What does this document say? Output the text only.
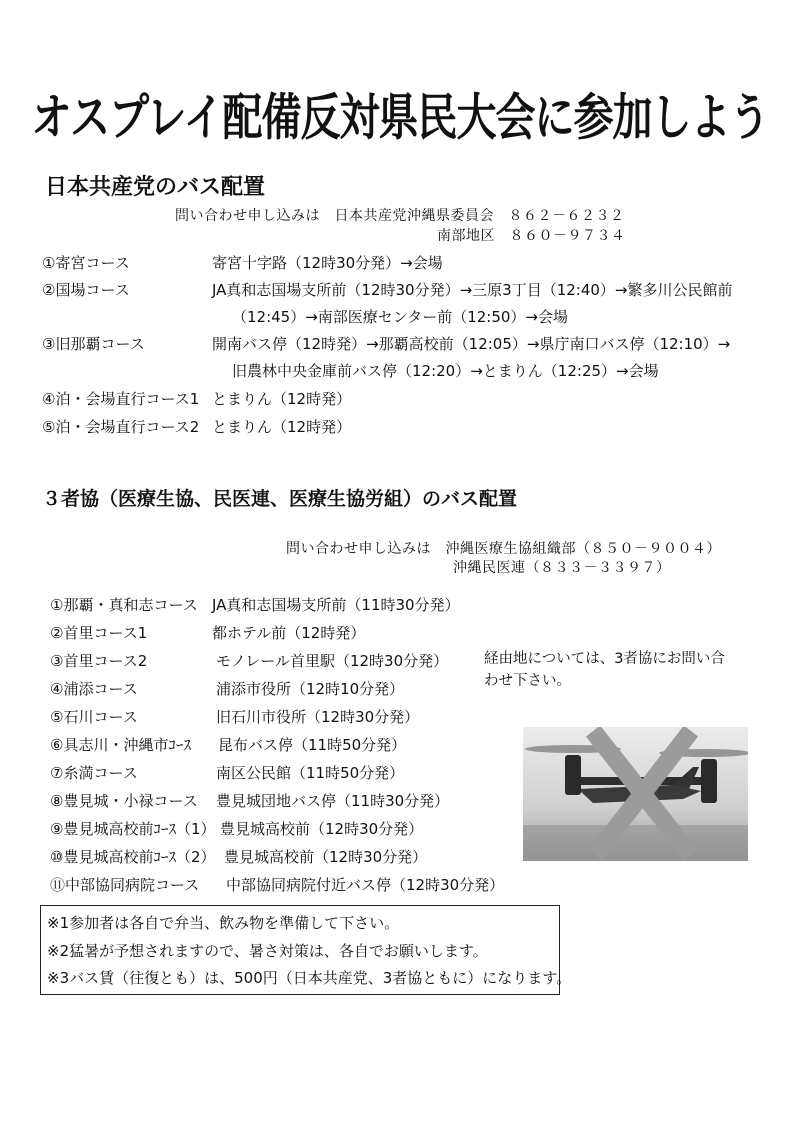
オスプレイ配備反対県民大会に参加しよう
日本共産党のバス配置
問い合わせ申し込みは　日本共産党沖縄県委員会　８６２－６２３２
南部地区　８６０－９７３４
①寄宮コース	寄宮十字路（12時30分発）→会場
②国場コース	JA真和志国場支所前（12時30分発）→三原3丁目（12:40）→繁多川公民館前
（12:45）→南部医療センター前（12:50）→会場
③旧那覇コース	開南バス停（12時発）→那覇高校前（12:05）→県庁南口バス停（12:10）→
旧農林中央金庫前バス停（12:20）→とまりん（12:25）→会場
④泊・会場直行コース1 とまりん（12時発）
⑤泊・会場直行コース2 とまりん（12時発）
３者協（医療生協、民医連、医療生協労組）のバス配置
問い合わせ申し込みは　沖縄医療生協組織部（８５０－９００４）
沖縄民医連（８３３－３３９７）
①那覇・真和志コース JA真和志国場支所前（11時30分発）
②首里コース1	都ホテル前（12時発）
③首里コース2	モノレール首里駅（12時30分発）
④浦添コース	浦添市役所（12時10分発）
⑤石川コース	旧石川市役所（12時30分発）
⑥具志川・沖縄市ｺｰｽ 昆布バス停（11時50分発）
⑦糸満コース	南区公民館（11時50分発）
⑧豊見城・小禄コース 豊見城団地バス停（11時30分発）
⑨豊見城高校前ｺｰｽ（1） 豊見城高校前（12時30分発）
⑩豊見城高校前ｺｰｽ（2） 豊見城高校前（12時30分発）
⑪中部協同病院コース 中部協同病院付近バス停（12時30分発）
経由地については、3者協にお問い合
わせ下さい。
※1参加者は各自で弁当、飲み物を準備して下さい。
※2猛暑が予想されますので、暑さ対策は、各自でお願いします。
※3バス賃（往復とも）は、500円（日本共産党、3者協ともに）になります。
